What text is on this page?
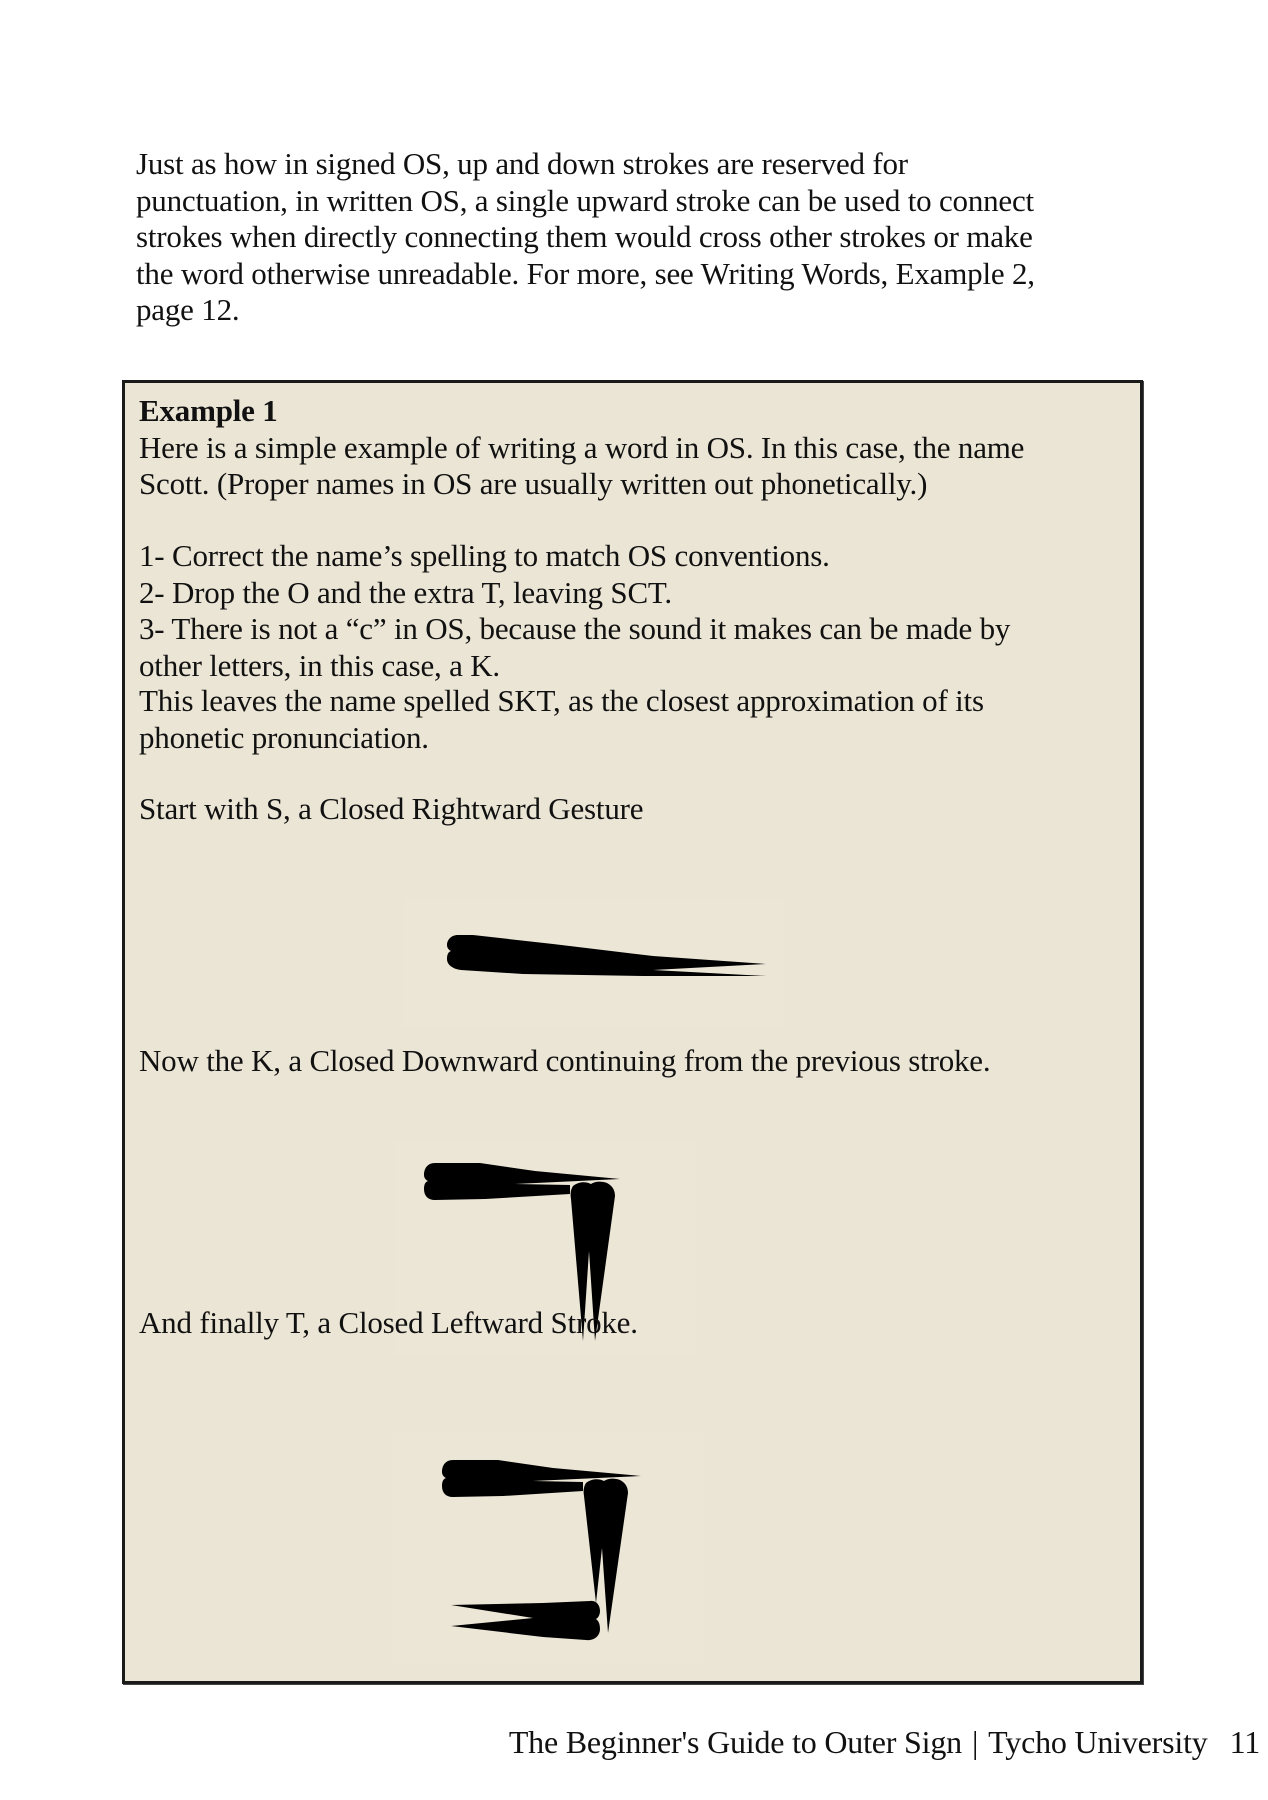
Just as how in signed OS, up and down strokes are reserved for
punctuation, in written OS, a single upward stroke can be used to connect
strokes when directly connecting them would cross other strokes or make
the word otherwise unreadable. For more, see Writing Words, Example 2,
page 12.
Example 1
Here is a simple example of writing a word in OS. In this case, the name
Scott. (Proper names in OS are usually written out phonetically.)
1- Correct the name’s spelling to match OS conventions.
2- Drop the O and the extra T, leaving SCT.
3- There is not a “c” in OS, because the sound it makes can be made by
other letters, in this case, a K.
This leaves the name spelled SKT, as the closest approximation of its
phonetic pronunciation.
Start with S, a Closed Rightward Gesture
Now the K, a Closed Downward continuing from the previous stroke.
And finally T, a Closed Leftward Stroke.
The Beginner's Guide to Outer Sign | Tycho University 11
